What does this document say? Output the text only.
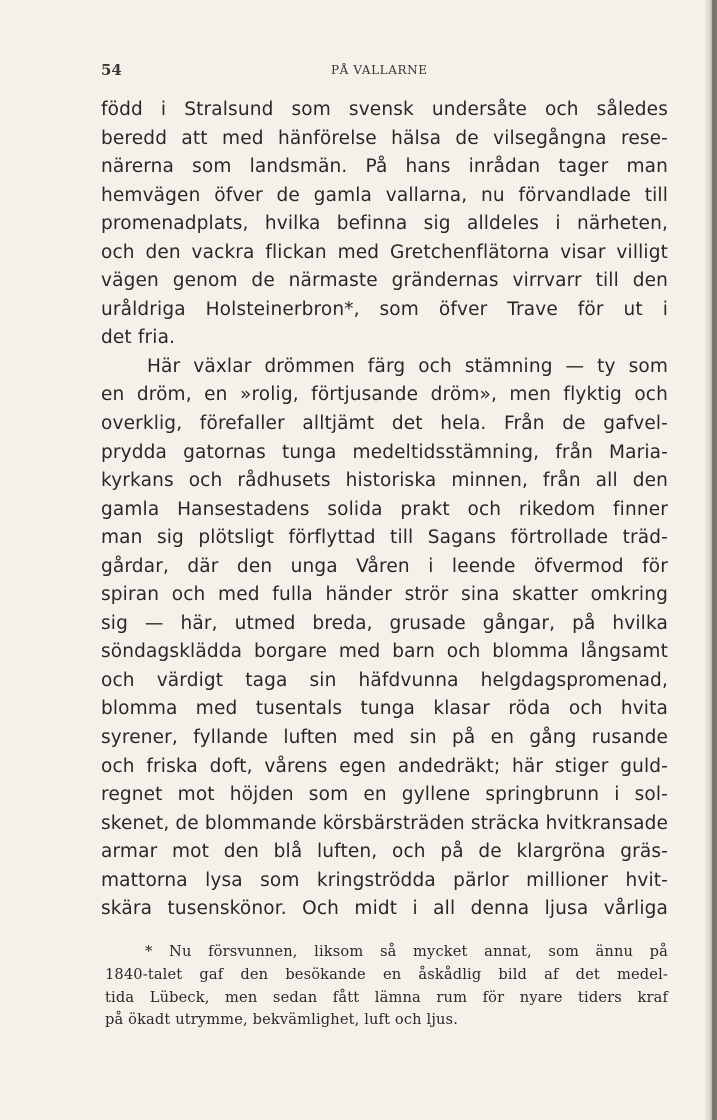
54	PÅ VALLARNE
född i Stralsund som svensk undersåte och således
beredd att med hänförelse hälsa de vilsegångna rese-
närerna som landsmän. På hans inrådan tager man
hemvägen öfver de gamla vallarna, nu förvandlade till
promenadplats, hvilka befinna sig alldeles i närheten,
och den vackra flickan med Gretchenflätorna visar villigt
vägen genom de närmaste grändernas virrvarr till den
uråldriga Holsteinerbron*, som öfver Trave för ut i
det fria.
Här växlar drömmen färg och stämning — ty som
en dröm, en »rolig, förtjusande dröm», men flyktig och
overklig, förefaller alltjämt det hela. Från de gafvel-
prydda gatornas tunga medeltidsstämning, från Maria-
kyrkans och rådhusets historiska minnen, från all den
gamla Hansestadens solida prakt och rikedom finner
man sig plötsligt förflyttad till Sagans förtrollade träd-
gårdar, där den unga Våren i leende öfvermod för
spiran och med fulla händer strör sina skatter omkring
sig — här, utmed breda, grusade gångar, på hvilka
söndagsklädda borgare med barn och blomma långsamt
och värdigt taga sin häfdvunna helgdagspromenad,
blomma med tusentals tunga klasar röda och hvita
syrener, fyllande luften med sin på en gång rusande
och friska doft, vårens egen andedräkt; här stiger guld-
regnet mot höjden som en gyllene springbrunn i sol-
skenet, de blommande körsbärsträden sträcka hvitkransade
armar mot den blå luften, och på de klargröna gräs-
mattorna lysa som kringströdda pärlor millioner hvit-
skära tusenskönor. Och midt i all denna ljusa vårliga
* Nu försvunnen, liksom så mycket annat, som ännu på
1840-talet gaf den besökande en åskådlig bild af det medel-
tida Lübeck, men sedan fått lämna rum för nyare tiders kraf
på ökadt utrymme, bekvämlighet, luft och ljus.
